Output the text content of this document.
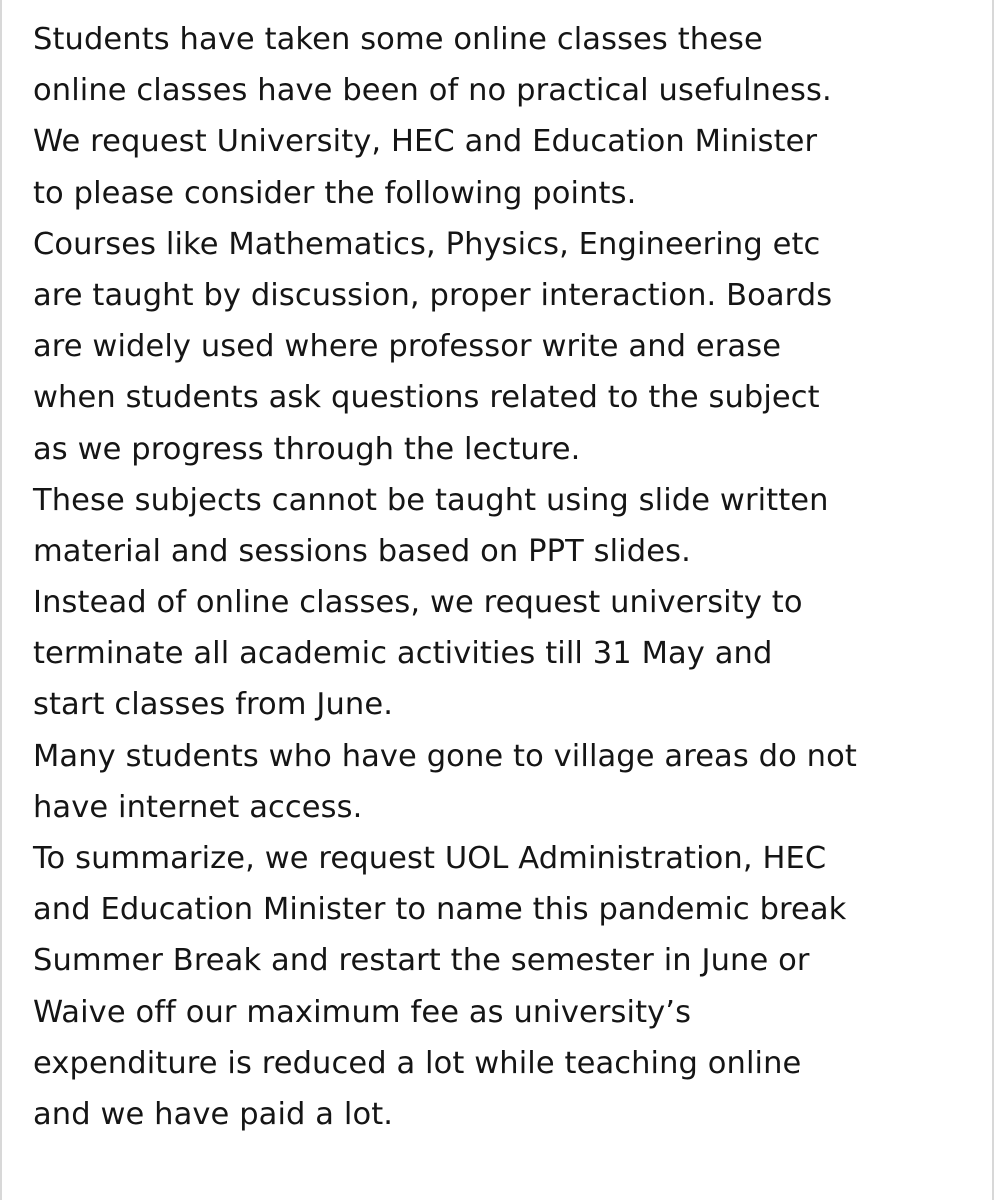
Students have taken some online classes these
online classes have been of no practical usefulness.
We request University, HEC and Education Minister
to please consider the following points.
Courses like Mathematics, Physics, Engineering etc
are taught by discussion, proper interaction. Boards
are widely used where professor write and erase
when students ask questions related to the subject
as we progress through the lecture.
These subjects cannot be taught using slide written
material and sessions based on PPT slides.
Instead of online classes, we request university to
terminate all academic activities till 31 May and
start classes from June.
Many students who have gone to village areas do not
have internet access.
To summarize, we request UOL Administration, HEC
and Education Minister to name this pandemic break
Summer Break and restart the semester in June or
Waive off our maximum fee as university’s
expenditure is reduced a lot while teaching online
and we have paid a lot.
